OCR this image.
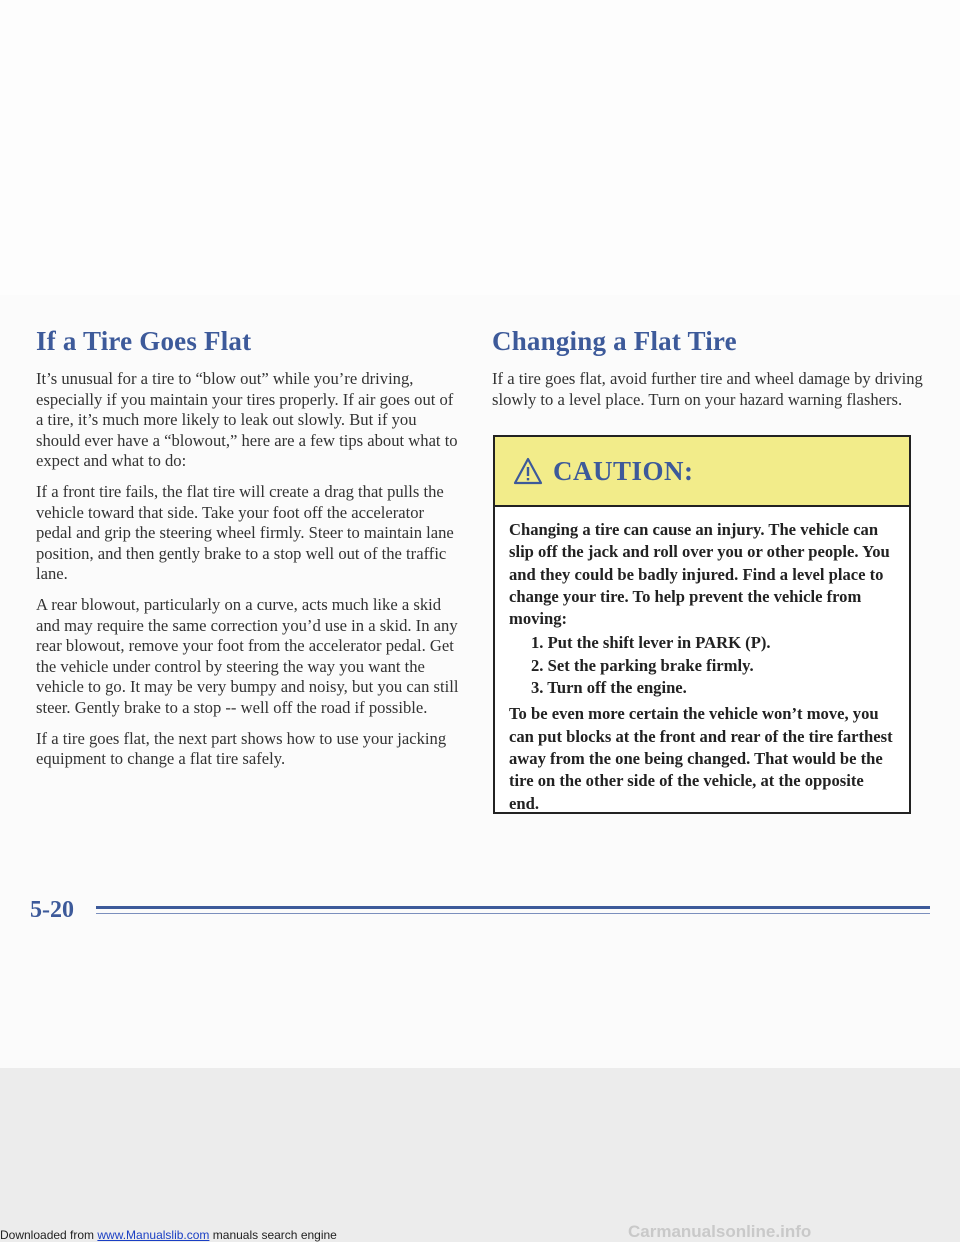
If a Tire Goes Flat

It’s unusual for a tire to “blow out” while you’re driving, especially if you maintain your tires properly. If air goes out of a tire, it’s much more likely to leak out slowly. But if you should ever have a “blowout,” here are a few tips about what to expect and what to do:

If a front tire fails, the flat tire will create a drag that pulls the vehicle toward that side. Take your foot off the accelerator pedal and grip the steering wheel firmly. Steer to maintain lane position, and then gently brake to a stop well out of the traffic lane.

A rear blowout, particularly on a curve, acts much like a skid and may require the same correction you’d use in a skid. In any rear blowout, remove your foot from the accelerator pedal. Get the vehicle under control by steering the way you want the vehicle to go. It may be very bumpy and noisy, but you can still steer. Gently brake to a stop -- well off the road if possible.

If a tire goes flat, the next part shows how to use your jacking equipment to change a flat tire safely.

Changing a Flat Tire

If a tire goes flat, avoid further tire and wheel damage by driving slowly to a level place. Turn on your hazard warning flashers.

CAUTION:

Changing a tire can cause an injury. The vehicle can slip off the jack and roll over you or other people. You and they could be badly injured. Find a level place to change your tire. To help prevent the vehicle from moving:

1. Put the shift lever in PARK (P).
2. Set the parking brake firmly.
3. Turn off the engine.

To be even more certain the vehicle won’t move, you can put blocks at the front and rear of the tire farthest away from the one being changed. That would be the tire on the other side of the vehicle, at the opposite end.

5-20
Downloaded from www.Manualslib.com manuals search engine	Carmanualsonline.info
